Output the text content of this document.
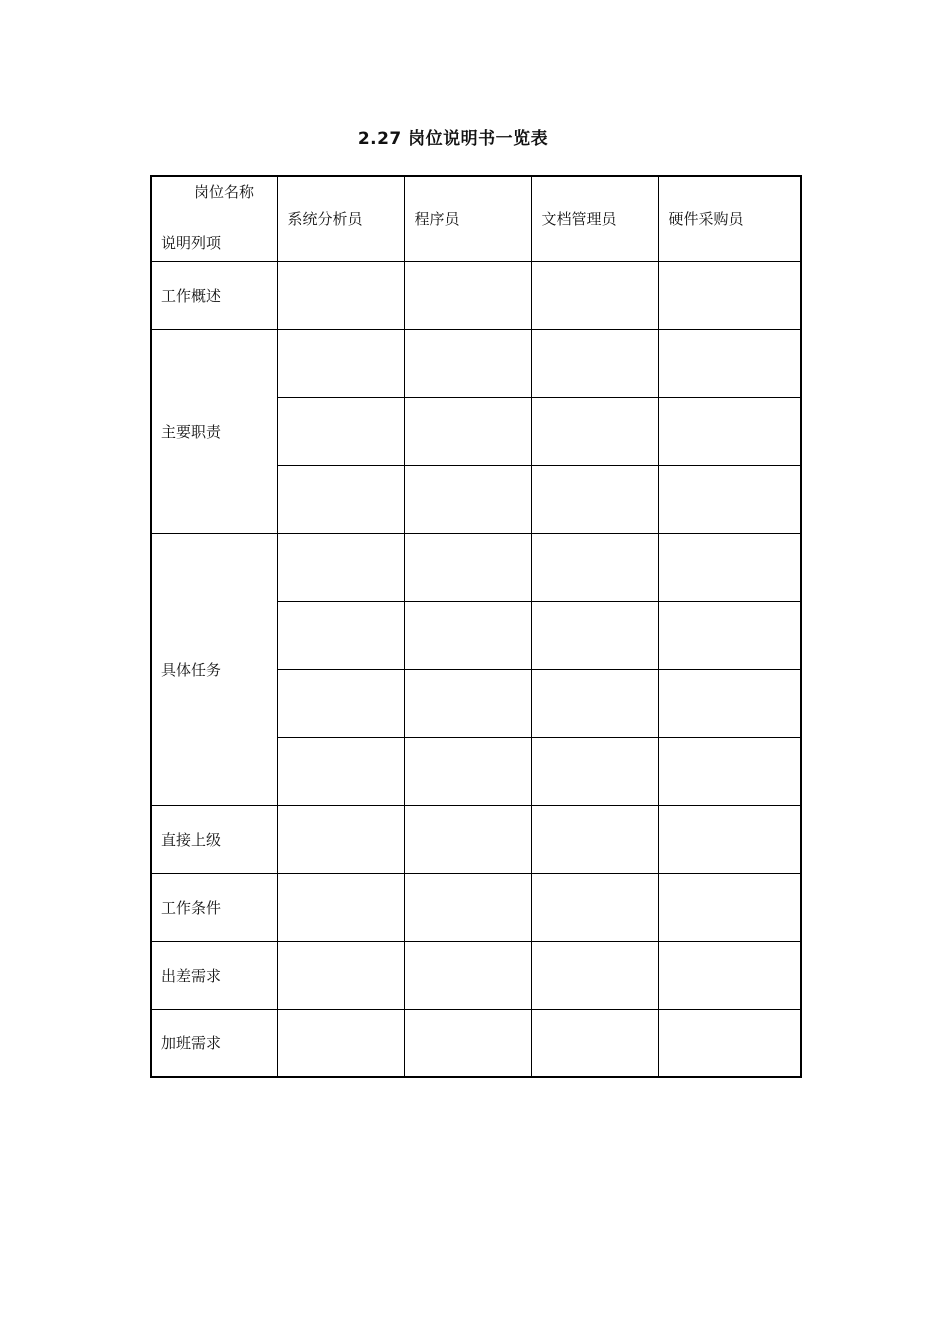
2.27 岗位说明书一览表
岗位名称
说明列项	系统分析员	程序员	文档管理员	硬件采购员
工作概述				
主要职责				

具体任务				

直接上级				
工作条件				
出差需求				
加班需求				
